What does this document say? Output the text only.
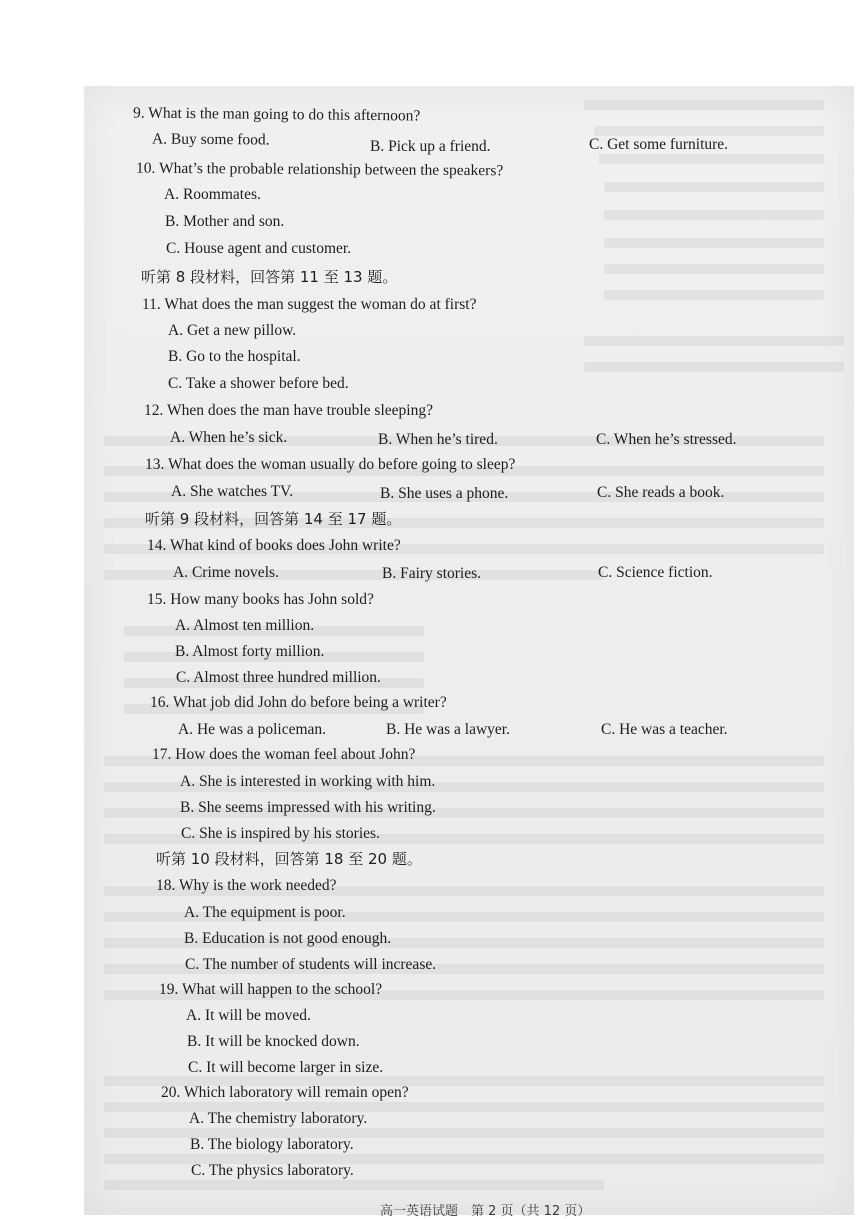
9. What is the man going to do this afternoon?
A. Buy some food.	B. Pick up a friend.	C. Get some furniture.
10. What’s the probable relationship between the speakers?
A. Roommates.
B. Mother and son.
C. House agent and customer.
听第 8 段材料，回答第 11 至 13 题。
11. What does the man suggest the woman do at first?
A. Get a new pillow.
B. Go to the hospital.
C. Take a shower before bed.
12. When does the man have trouble sleeping?
A. When he’s sick.	B. When he’s tired.	C. When he’s stressed.
13. What does the woman usually do before going to sleep?
A. She watches TV.	B. She uses a phone.	C. She reads a book.
听第 9 段材料，回答第 14 至 17 题。
14. What kind of books does John write?
A. Crime novels.	B. Fairy stories.	C. Science fiction.
15. How many books has John sold?
A. Almost ten million.
B. Almost forty million.
C. Almost three hundred million.
16. What job did John do before being a writer?
A. He was a policeman.	B. He was a lawyer.	C. He was a teacher.
17. How does the woman feel about John?
A. She is interested in working with him.
B. She seems impressed with his writing.
C. She is inspired by his stories.
听第 10 段材料，回答第 18 至 20 题。
18. Why is the work needed?
A. The equipment is poor.
B. Education is not good enough.
C. The number of students will increase.
19. What will happen to the school?
A. It will be moved.
B. It will be knocked down.
C. It will become larger in size.
20. Which laboratory will remain open?
A. The chemistry laboratory.
B. The biology laboratory.
C. The physics laboratory.
高一英语试题　第 2 页（共 12 页）
